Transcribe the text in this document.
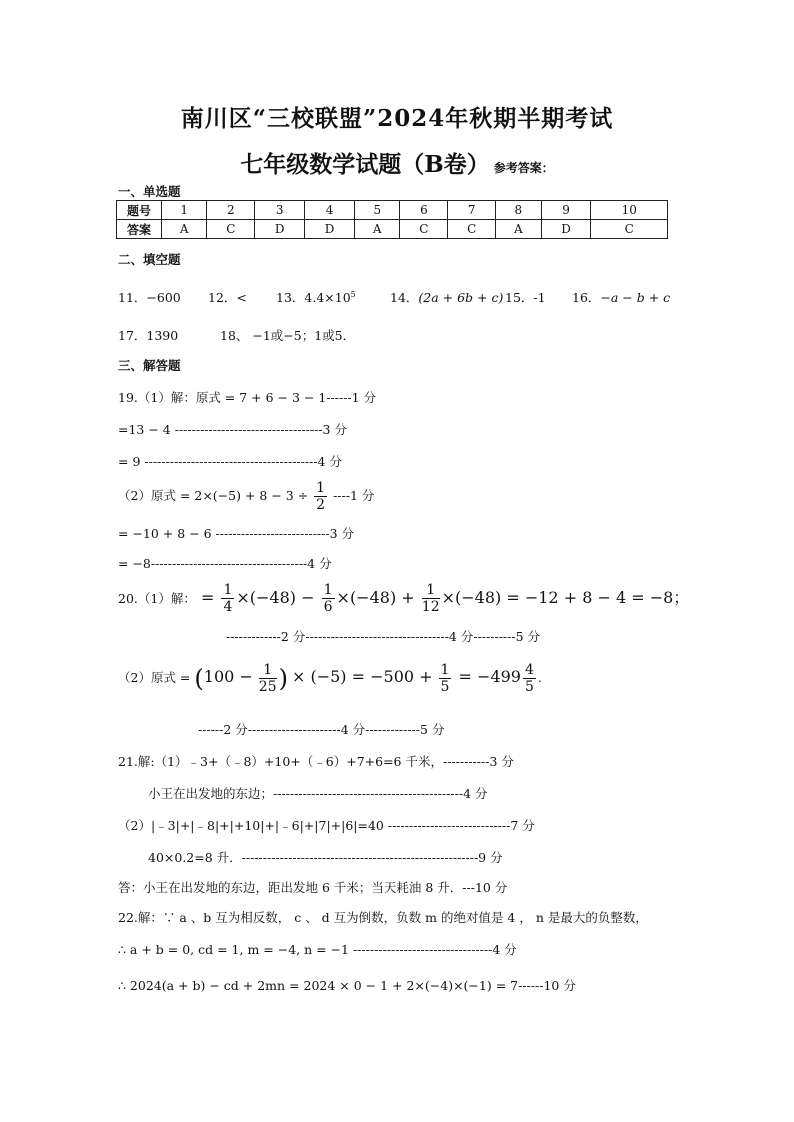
南川区“三校联盟”2024年秋期半期考试
七年级数学试题（B卷） 参考答案：
一、单选题
题号	1	2	3	4	5	6	7	8	9	10
答案	A	C	D	D	A	C	C	A	D	C
二、填空题
11．−600 12．< 13．$4.4\times 10^5$	14．(2a + 6b + c) 15．-1 16．−a − b + c
17．1390	18、 −1或−5；1或5．
三、解答题
19.（1）解：原式 = 7 + 6 − 3 − 1------1 分
=13 − 4 -----------------------------------3 分
= 9 -----------------------------------------4 分
（2）原式 = $2\times(-5) + 8 - 3 \div \frac{1}{2} ----1$ 分
= −10 + 8 − 6 ---------------------------3 分
= −8-------------------------------------4 分
20.（1）解： = $\frac{1}{4} \times(-48) - \frac{1}{6} \times(-48) + \frac{1}{12} \times(-48) = -12 + 8 - 4 = -8$；
-------------2 分----------------------------------4 分----------5 分
（2）原式 = ($100 - \frac{1}{25}$ ) × $(-5) = -500 + \frac{1}{5} = -499 \frac{4}{5}$ .
------2 分----------------------4 分-------------5 分
21.解:（1）﹣3+（﹣8）+10+（﹣6）+7+6=6 千米，-----------3 分
小王在出发地的东边；---------------------------------------------4 分
（2）|﹣3|+|﹣8|+|+10|+|﹣6|+|7|+|6|=40 -----------------------------7 分
40×0.2=8 升．--------------------------------------------------------9 分
答：小王在出发地的东边，距出发地 6 千米；当天耗油 8 升．---10 分
22.解：∵ a 、b 互为相反数， c 、 d 互为倒数，负数 m 的绝对值是 4 ， n 是最大的负整数，
∴ a + b = 0, cd = 1, m = −4, n = −1 ---------------------------------4 分
∴ 2024(a + b) − cd + 2mn = 2024 × 0 − 1 + 2×(−4)×(−1) = 7------10 分
